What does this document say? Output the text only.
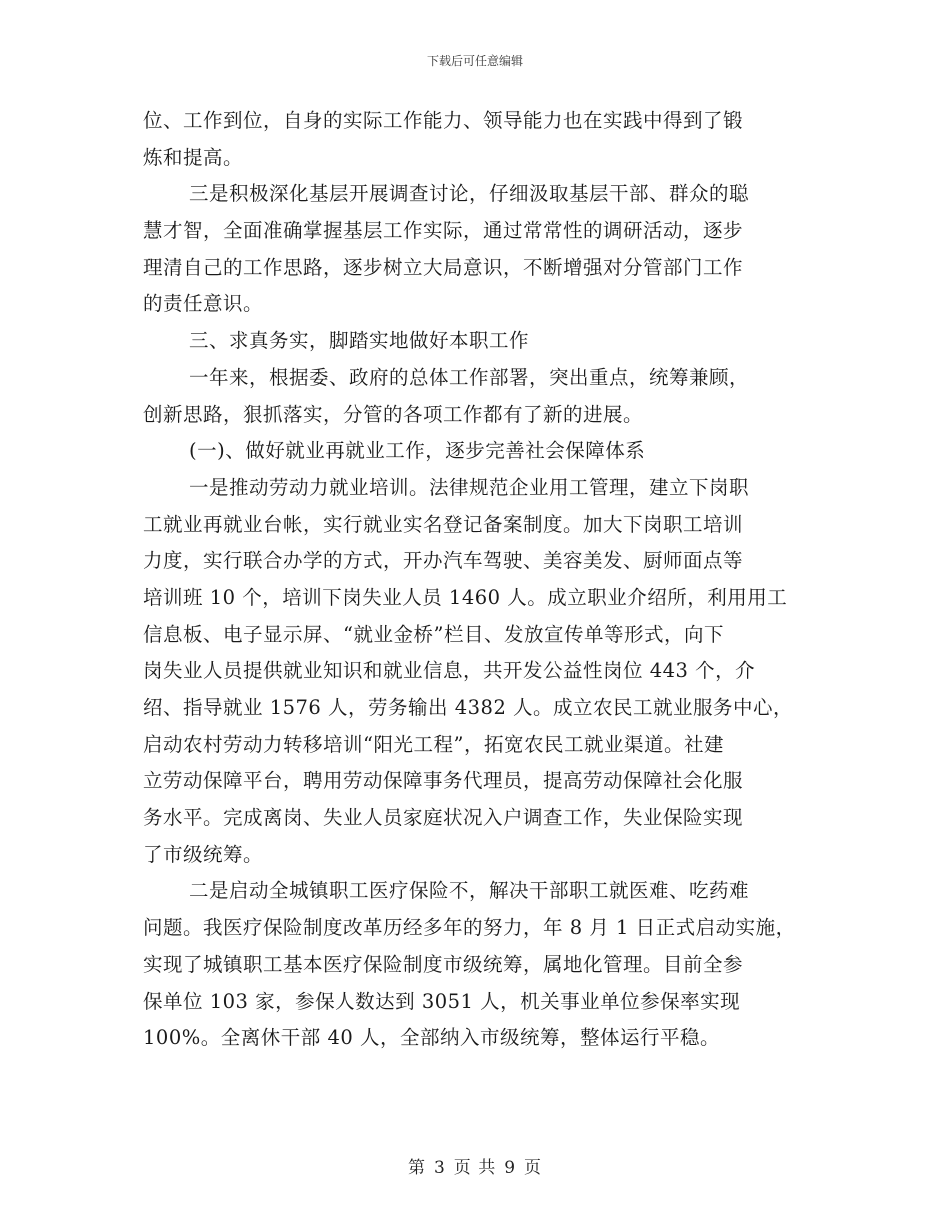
下载后可任意编辑
位、工作到位，自身的实际工作能力、领导能力也在实践中得到了锻
炼和提高。
三是积极深化基层开展调查讨论，仔细汲取基层干部、群众的聪
慧才智，全面准确掌握基层工作实际，通过常常性的调研活动，逐步
理清自己的工作思路，逐步树立大局意识，不断增强对分管部门工作
的责任意识。
三、求真务实，脚踏实地做好本职工作
一年来，根据委、政府的总体工作部署，突出重点，统筹兼顾，
创新思路，狠抓落实，分管的各项工作都有了新的进展。
(一)、做好就业再就业工作，逐步完善社会保障体系
一是推动劳动力就业培训。法律规范企业用工管理，建立下岗职
工就业再就业台帐，实行就业实名登记备案制度。加大下岗职工培训
力度，实行联合办学的方式，开办汽车驾驶、美容美发、厨师面点等
培训班 10 个，培训下岗失业人员 1460 人。成立职业介绍所，利用用工
信息板、电子显示屏、“就业金桥”栏目、发放宣传单等形式，向下
岗失业人员提供就业知识和就业信息，共开发公益性岗位 443 个，介
绍、指导就业 1576 人，劳务输出 4382 人。成立农民工就业服务中心，
启动农村劳动力转移培训“阳光工程”，拓宽农民工就业渠道。社建
立劳动保障平台，聘用劳动保障事务代理员，提高劳动保障社会化服
务水平。完成离岗、失业人员家庭状况入户调查工作，失业保险实现
了市级统筹。
二是启动全城镇职工医疗保险不，解决干部职工就医难、吃药难
问题。我医疗保险制度改革历经多年的努力，年 8 月 1 日正式启动实施，
实现了城镇职工基本医疗保险制度市级统筹，属地化管理。目前全参
保单位 103 家，参保人数达到 3051 人，机关事业单位参保率实现
100%。全离休干部 40 人，全部纳入市级统筹，整体运行平稳。
第 3 页 共 9 页
